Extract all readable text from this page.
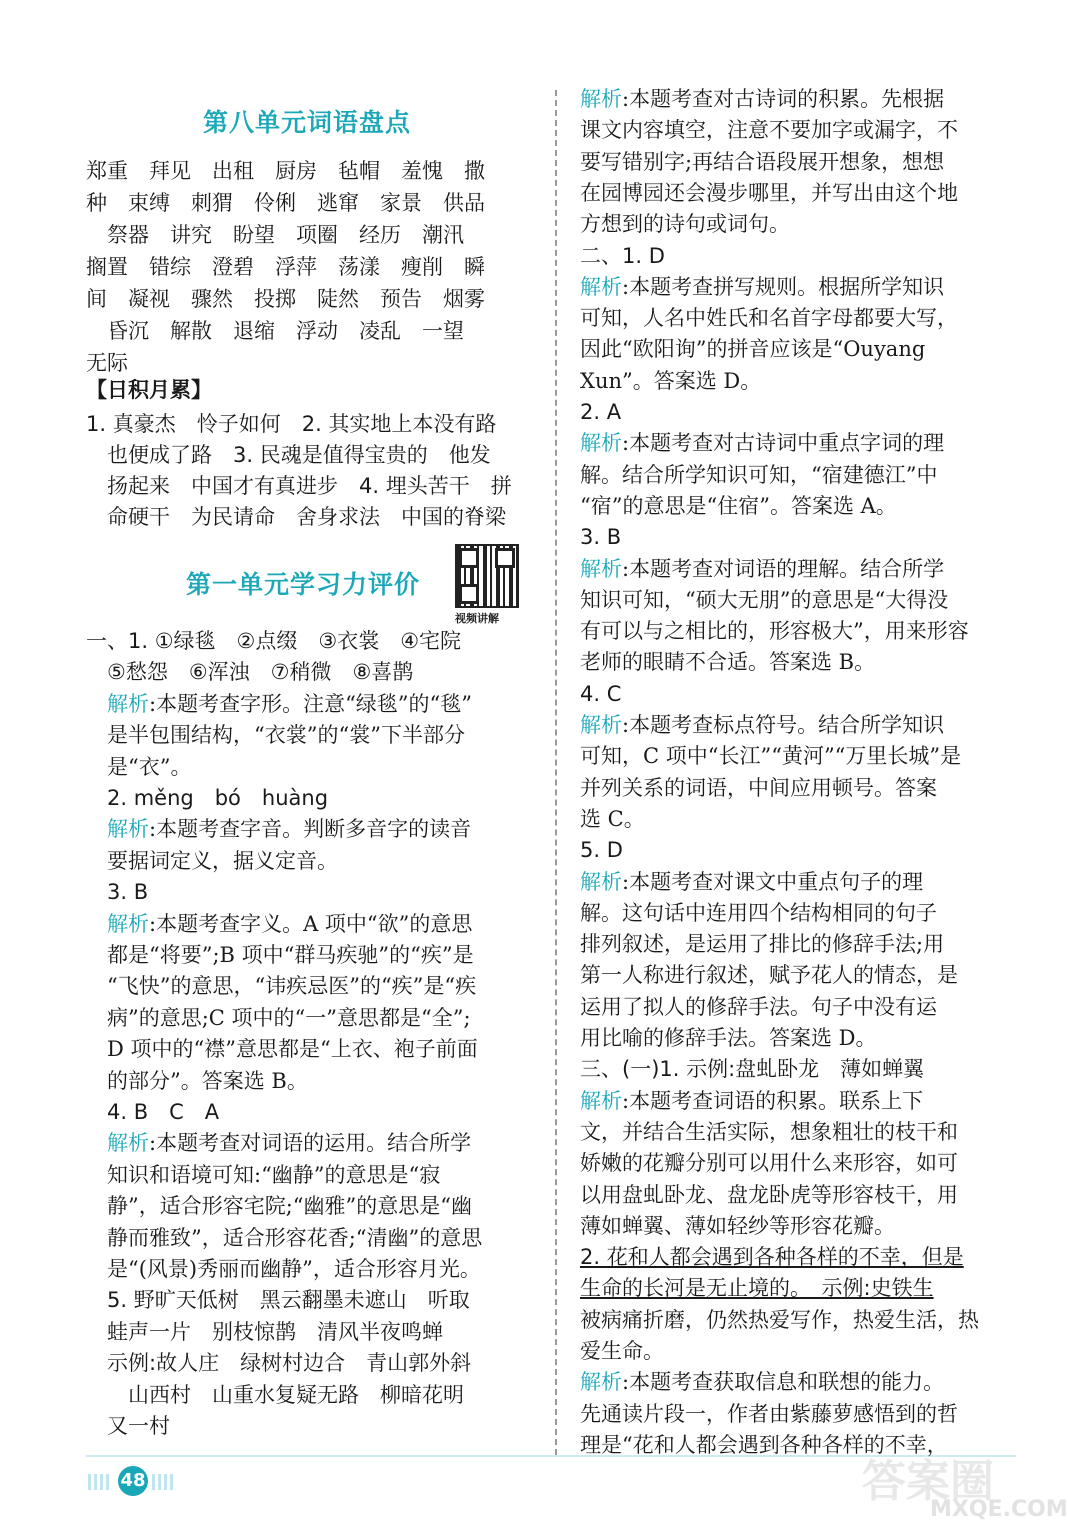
视频讲解
48	答案圈
MXQE.COM
第八单元词语盘点
郑重　拜见　出租　厨房　毡帽　羞愧　撒
种　束缚　刺猬　伶俐　逃窜　家景　供品
　祭器　讲究　盼望　项圈　经历　潮汛
搁置　错综　澄碧　浮萍　荡漾　瘦削　瞬
间　凝视　骤然　投掷　陡然　预告　烟雾
　昏沉　解散　退缩　浮动　凌乱　一望
无际
【日积月累】
1. 真豪杰　怜子如何　2. 其实地上本没有路
　也便成了路　3. 民魂是值得宝贵的　他发
　扬起来　中国才有真进步　4. 埋头苦干　拼
　命硬干　为民请命　舍身求法　中国的脊梁
第一单元学习力评价
一、1. ①绿毯　②点缀　③衣裳　④宅院
　⑤愁怨　⑥浑浊　⑦稍微　⑧喜鹊
　解析:本题考查字形。注意“绿毯”的“毯”
　是半包围结构，“衣裳”的“裳”下半部分
　是“衣”。
　2. měng　bó　huàng
　解析:本题考查字音。判断多音字的读音
　要据词定义，据义定音。
　3. B
　解析:本题考查字义。A 项中“欲”的意思
　都是“将要”;B 项中“群马疾驰”的“疾”是
　“飞快”的意思，“讳疾忌医”的“疾”是“疾
　病”的意思;C 项中的“一”意思都是“全”;
　D 项中的“襟”意思都是“上衣、袍子前面
　的部分”。答案选 B。
　4. B　C　A
　解析:本题考查对词语的运用。结合所学
　知识和语境可知:“幽静”的意思是“寂
　静”，适合形容宅院;“幽雅”的意思是“幽
　静而雅致”，适合形容花香;“清幽”的意思
　是“(风景)秀丽而幽静”，适合形容月光。
　5. 野旷天低树　黑云翻墨未遮山　听取
　蛙声一片　别枝惊鹊　清风半夜鸣蝉
　示例:故人庄　绿树村边合　青山郭外斜
　　山西村　山重水复疑无路　柳暗花明
　又一村
解析:本题考查对古诗词的积累。先根据
课文内容填空，注意不要加字或漏字，不
要写错别字;再结合语段展开想象，想想
在园博园还会漫步哪里，并写出由这个地
方想到的诗句或词句。
二、1. D
解析:本题考查拼写规则。根据所学知识
可知，人名中姓氏和名首字母都要大写，
因此“欧阳询”的拼音应该是“Ouyang
Xun”。答案选 D。
2. A
解析:本题考查对古诗词中重点字词的理
解。结合所学知识可知，“宿建德江”中
“宿”的意思是“住宿”。答案选 A。
3. B
解析:本题考查对词语的理解。结合所学
知识可知，“硕大无朋”的意思是“大得没
有可以与之相比的，形容极大”，用来形容
老师的眼睛不合适。答案选 B。
4. C
解析:本题考查标点符号。结合所学知识
可知，C 项中“长江”“黄河”“万里长城”是
并列关系的词语，中间应用顿号。答案
选 C。
5. D
解析:本题考查对课文中重点句子的理
解。这句话中连用四个结构相同的句子
排列叙述，是运用了排比的修辞手法;用
第一人称进行叙述，赋予花人的情态，是
运用了拟人的修辞手法。句子中没有运
用比喻的修辞手法。答案选 D。
三、(一)1. 示例:盘虬卧龙　薄如蝉翼
解析:本题考查词语的积累。联系上下
文，并结合生活实际，想象粗壮的枝干和
娇嫩的花瓣分别可以用什么来形容，如可
以用盘虬卧龙、盘龙卧虎等形容枝干，用
薄如蝉翼、薄如轻纱等形容花瓣。
2. 花和人都会遇到各种各样的不幸，但是
生命的长河是无止境的。　示例:史铁生
被病痛折磨，仍然热爱写作，热爱生活，热
爱生命。
解析:本题考查获取信息和联想的能力。
先通读片段一，作者由紫藤萝感悟到的哲
理是“花和人都会遇到各种各样的不幸，
